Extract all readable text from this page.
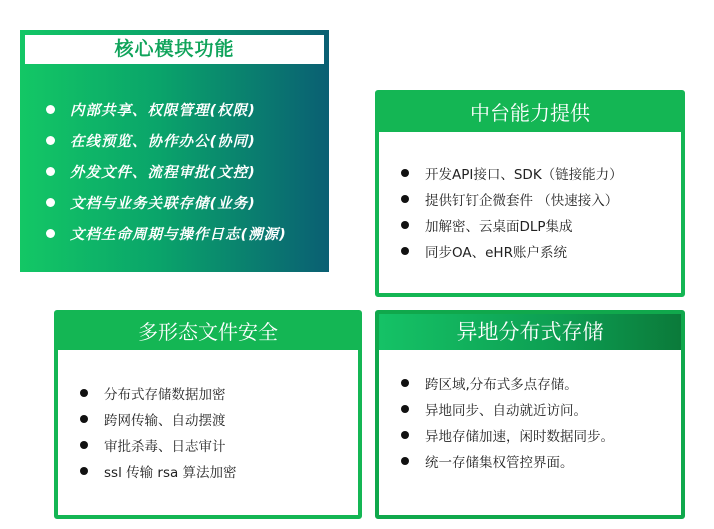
核心模块功能
内部共享、权限管理(权限)
在线预览、协作办公(协同)
外发文件、流程审批(文控)
文档与业务关联存储(业务)
文档生命周期与操作日志(溯源)
中台能力提供
开发API接口、SDK（链接能力）
提供钉钉企微套件 （快速接入）
加解密、云桌面DLP集成
同步OA、eHR账户系统
多形态文件安全
分布式存储数据加密
跨网传输、自动摆渡
审批杀毒、日志审计
ssl 传输 rsa 算法加密
异地分布式存储
跨区域,分布式多点存储。
异地同步、自动就近访问。
异地存储加速，闲时数据同步。
统一存储集权管控界面。
